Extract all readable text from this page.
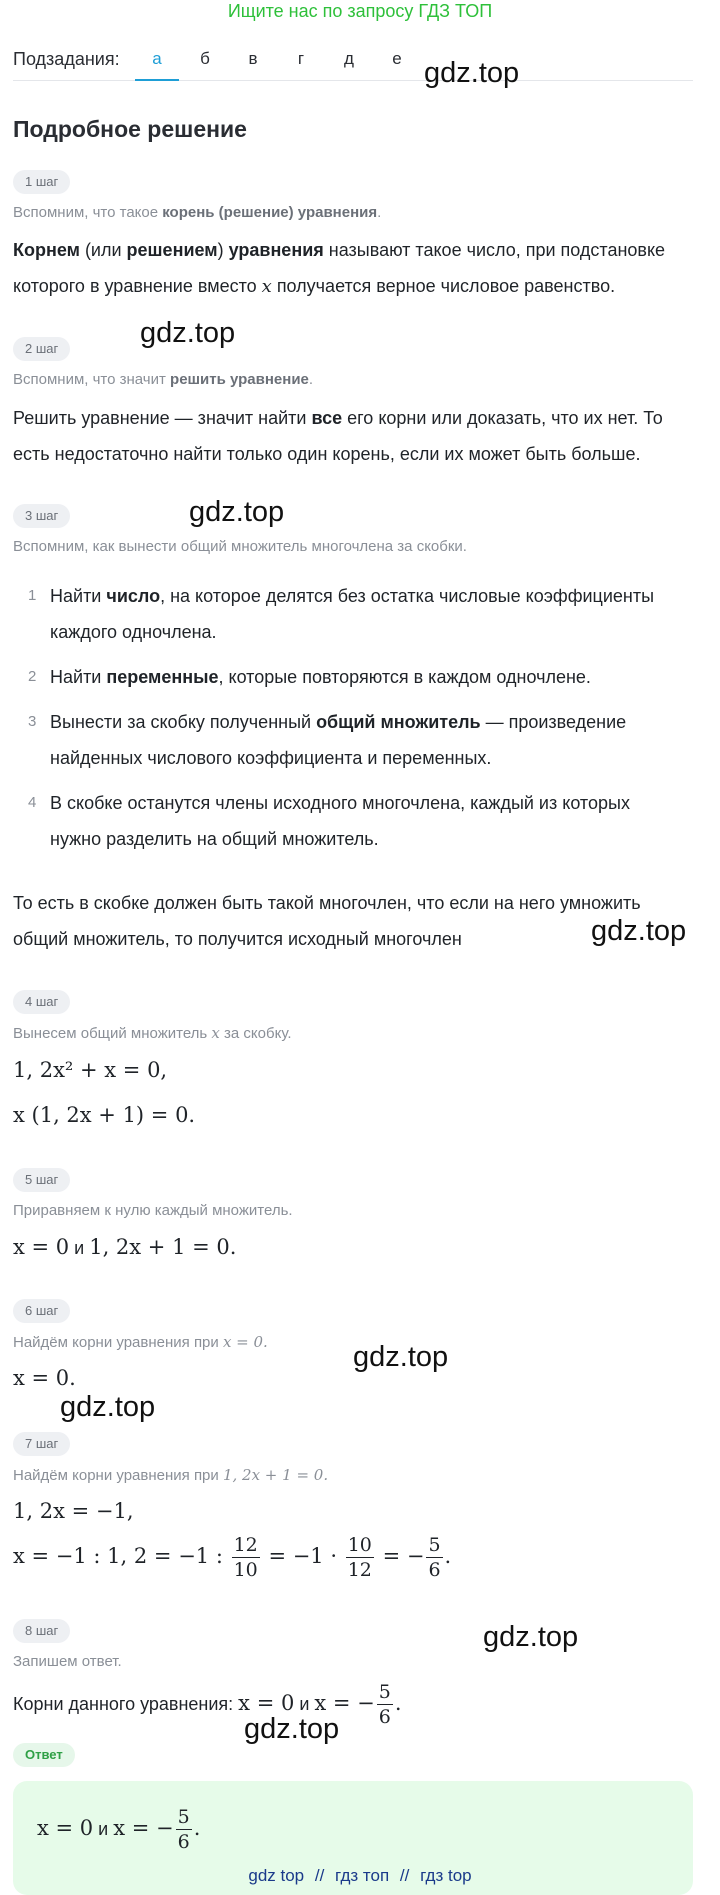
Ищите нас по запросу ГДЗ ТОП
Подзадания:	а	б	в	г	д	е gdz.top
gdz.top
gdz.top
gdz.top
gdz.top
gdz.top
gdz.top
gdz.top
Подробное решение
1 шаг
Вспомним, что такое корень (решение) уравнения.
Корнем (или решением) уравнения называют такое число, при подстановке которого в уравнение вместо x получается верное числовое равенство.
2 шаг
Вспомним, что значит решить уравнение.
Решить уравнение — значит найти все его корни или доказать, что их нет. То есть недостаточно найти только один корень, если их может быть больше.
3 шаг
Вспомним, как вынести общий множитель многочлена за скобки.
1 Найти число, на которое делятся без остатка числовые коэффициенты каждого одночлена.
2 Найти переменные, которые повторяются в каждом одночлене.
3 Вынести за скобку полученный общий множитель — произведение найденных числового коэффициента и переменных.
4 В скобке останутся члены исходного многочлена, каждый из которых нужно разделить на общий множитель.
То есть в скобке должен быть такой многочлен, что если на него умножить общий множитель, то получится исходный многочлен
4 шаг
Вынесем общий множитель x за скобку.
1, 2x² + x = 0,
x (1, 2x + 1) = 0.
5 шаг
Приравняем к нулю каждый множитель.
x = 0 и 1, 2x + 1 = 0.
6 шаг
Найдём корни уравнения при x = 0.
x = 0.
7 шаг
Найдём корни уравнения при 1, 2x + 1 = 0.
1, 2x = −1,
x = −1 : 1, 2 = −1 : $\frac{12}{10} = -1 \cdot \frac{10}{12}$ = − $\frac{5}{6}$ .
8 шаг
Запишем ответ.
Корни данного уравнения: x = 0 и x = − $\frac{5}{6}$ .
Ответ
x = 0 и x = − $\frac{5}{6}$ .
gdz top // гдз топ // гдз top
